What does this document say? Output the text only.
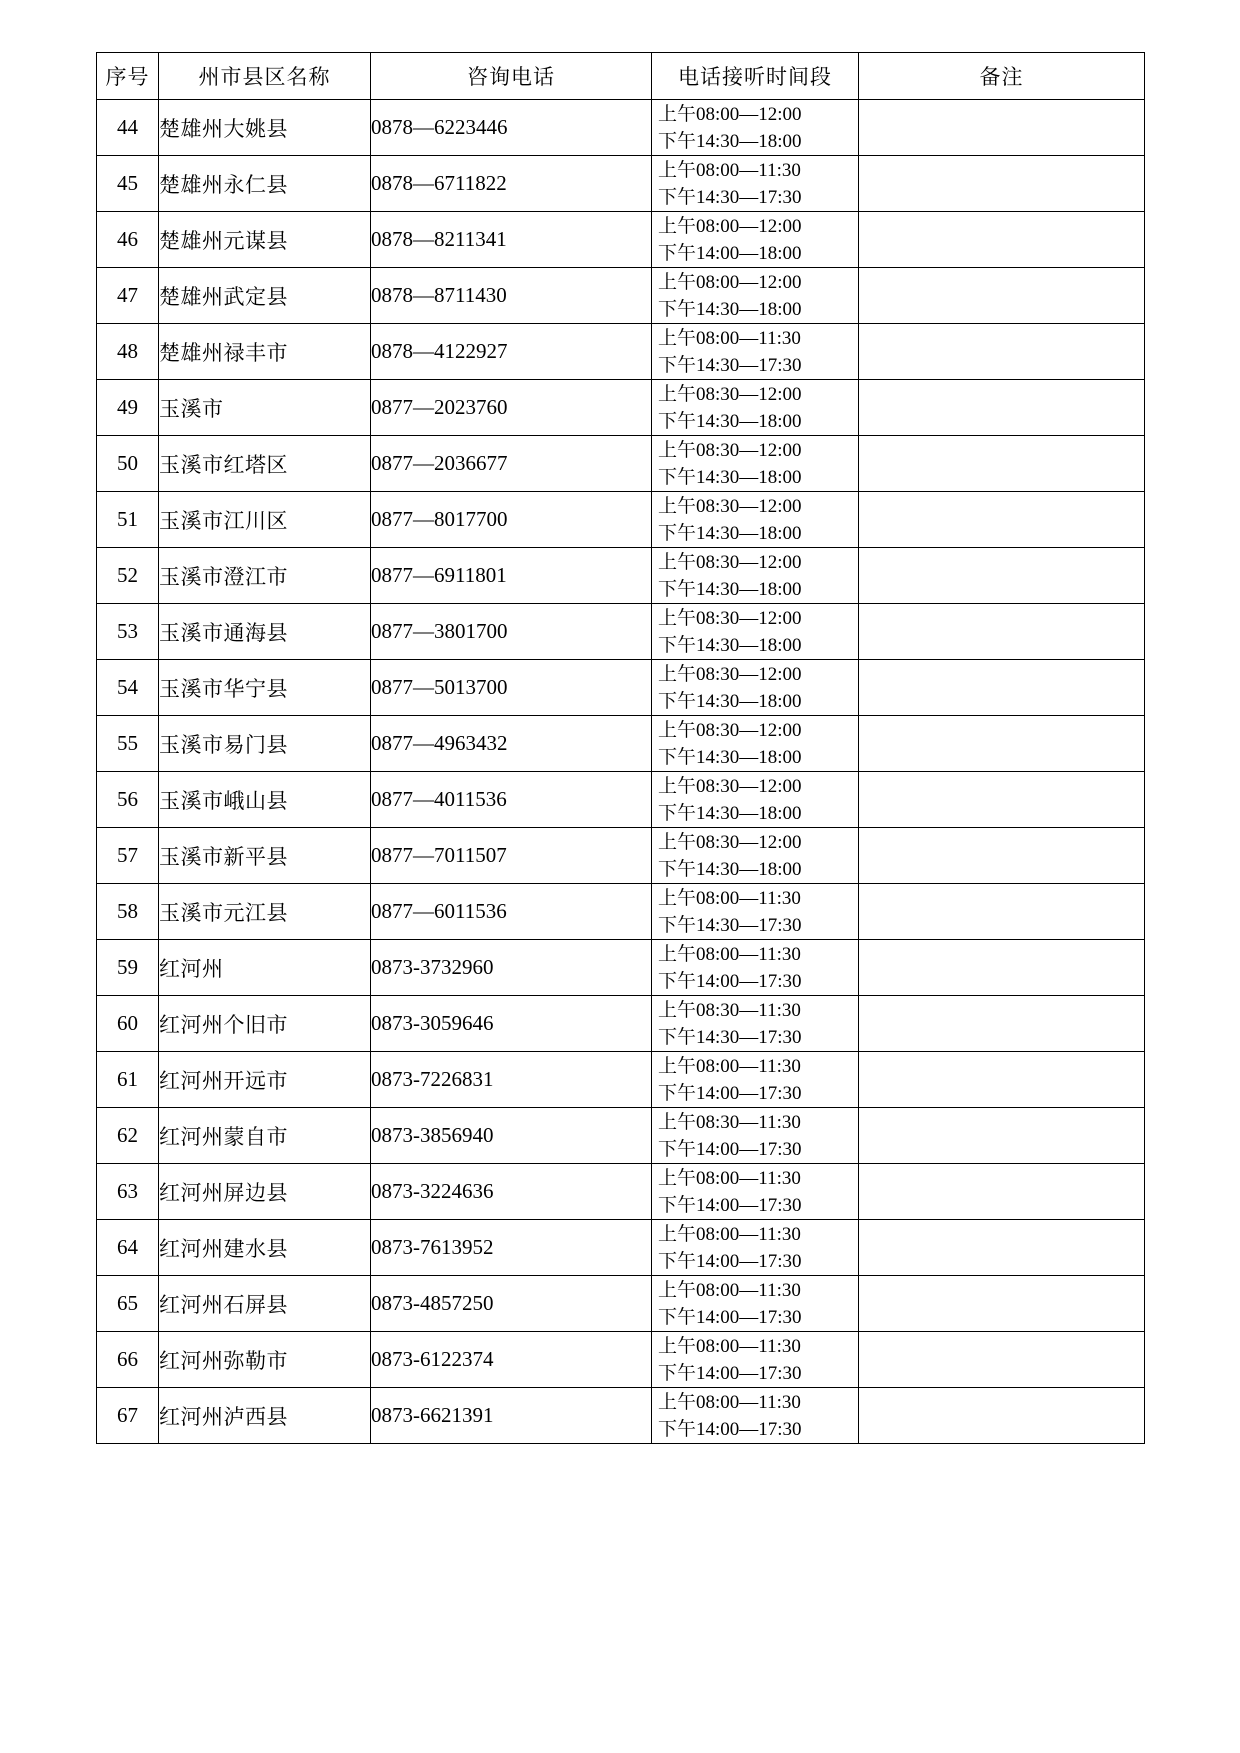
序号	州市县区名称	咨询电话	电话接听时间段	备注
44	楚雄州大姚县	0878—6223446	上午08:00—12:00
下午14:30—18:00	

45	楚雄州永仁县	0878—6711822	上午08:00—11:30
下午14:30—17:30	

46	楚雄州元谋县	0878—8211341	上午08:00—12:00
下午14:00—18:00	

47	楚雄州武定县	0878—8711430	上午08:00—12:00
下午14:30—18:00	

48	楚雄州禄丰市	0878—4122927	上午08:00—11:30
下午14:30—17:30	

49	玉溪市	0877—2023760	上午08:30—12:00
下午14:30—18:00	

50	玉溪市红塔区	0877—2036677	上午08:30—12:00
下午14:30—18:00	

51	玉溪市江川区	0877—8017700	上午08:30—12:00
下午14:30—18:00	

52	玉溪市澄江市	0877—6911801	上午08:30—12:00
下午14:30—18:00	

53	玉溪市通海县	0877—3801700	上午08:30—12:00
下午14:30—18:00	

54	玉溪市华宁县	0877—5013700	上午08:30—12:00
下午14:30—18:00	

55	玉溪市易门县	0877—4963432	上午08:30—12:00
下午14:30—18:00	

56	玉溪市峨山县	0877—4011536	上午08:30—12:00
下午14:30—18:00	

57	玉溪市新平县	0877—7011507	上午08:30—12:00
下午14:30—18:00	

58	玉溪市元江县	0877—6011536	上午08:00—11:30
下午14:30—17:30	

59	红河州	0873-3732960	上午08:00—11:30
下午14:00—17:30	

60	红河州个旧市	0873-3059646	上午08:30—11:30
下午14:30—17:30	

61	红河州开远市	0873-7226831	上午08:00—11:30
下午14:00—17:30	

62	红河州蒙自市	0873-3856940	上午08:30—11:30
下午14:00—17:30	

63	红河州屏边县	0873-3224636	上午08:00—11:30
下午14:00—17:30	

64	红河州建水县	0873-7613952	上午08:00—11:30
下午14:00—17:30	

65	红河州石屏县	0873-4857250	上午08:00—11:30
下午14:00—17:30	

66	红河州弥勒市	0873-6122374	上午08:00—11:30
下午14:00—17:30	

67	红河州泸西县	0873-6621391	上午08:00—11:30
下午14:00—17:30	
